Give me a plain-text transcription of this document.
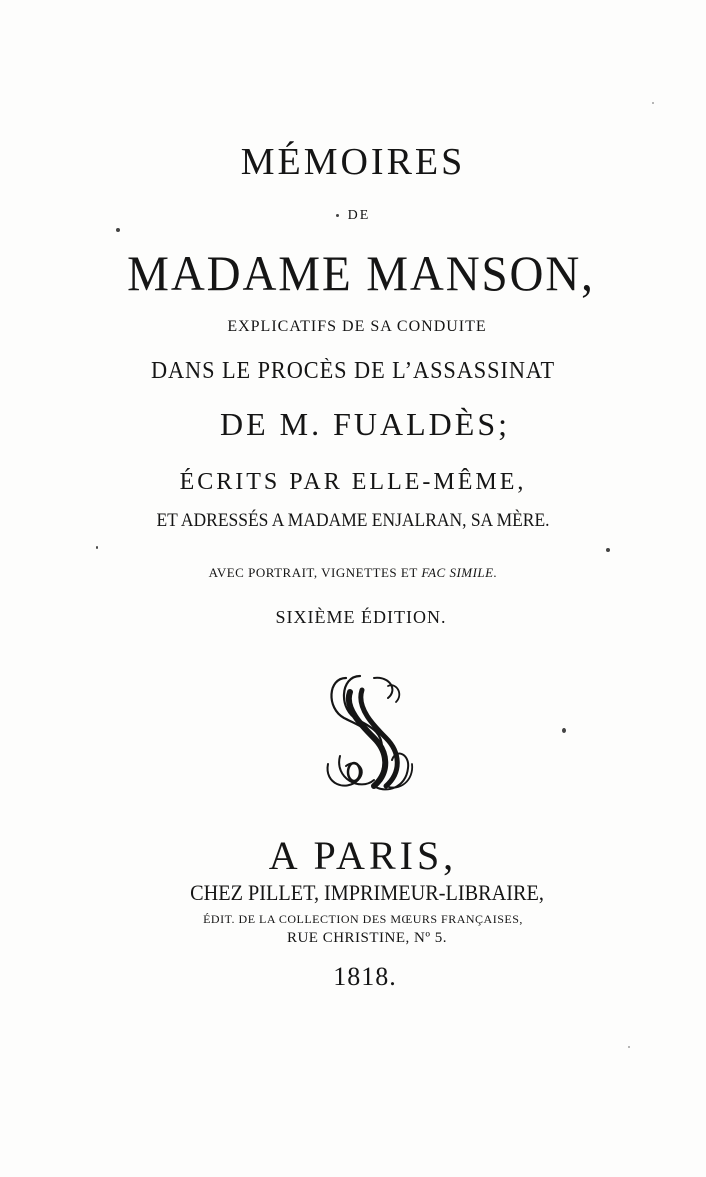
MÉMOIRES
DE
MADAME MANSON,
EXPLICATIFS DE SA CONDUITE
DANS LE PROCÈS DE L’ASSASSINAT
DE M. FUALDÈS;
ÉCRITS PAR ELLE-MÊME,
ET ADRESSÉS A MADAME ENJALRAN, SA MÈRE.
AVEC PORTRAIT, VIGNETTES ET FAC SIMILE.
SIXIÈME ÉDITION.
A PARIS,
CHEZ PILLET, IMPRIMEUR-LIBRAIRE,
ÉDIT. DE LA COLLECTION DES MŒURS FRANÇAISES,
RUE CHRISTINE, Nº 5.
1818.
